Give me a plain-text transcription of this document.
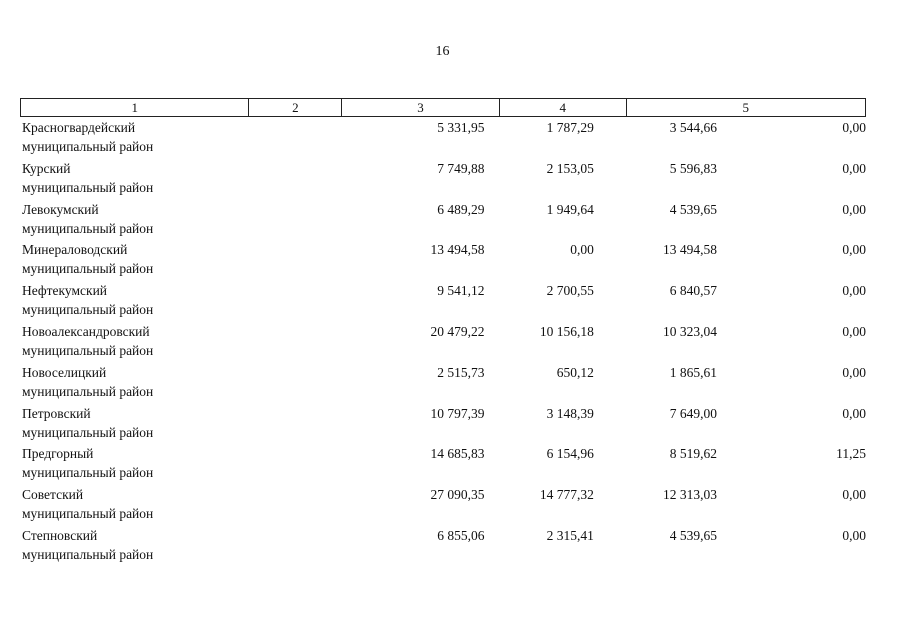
16
1	2	3	4	5
Красногвардейский
муниципальный район
5 331,95	1 787,29	3 544,66	0,00
Курский
муниципальный район
7 749,88	2 153,05	5 596,83	0,00
Левокумский
муниципальный район
6 489,29	1 949,64	4 539,65	0,00
Минераловодский
муниципальный район
13 494,58	0,00	13 494,58	0,00
Нефтекумский
муниципальный район
9 541,12	2 700,55	6 840,57	0,00
Новоалександровский
муниципальный район
20 479,22	10 156,18	10 323,04	0,00
Новоселицкий
муниципальный район
2 515,73	650,12	1 865,61	0,00
Петровский
муниципальный район
10 797,39	3 148,39	7 649,00	0,00
Предгорный
муниципальный район
14 685,83	6 154,96	8 519,62	11,25
Советский
муниципальный район
27 090,35	14 777,32	12 313,03	0,00
Степновский
муниципальный район
6 855,06	2 315,41	4 539,65	0,00
